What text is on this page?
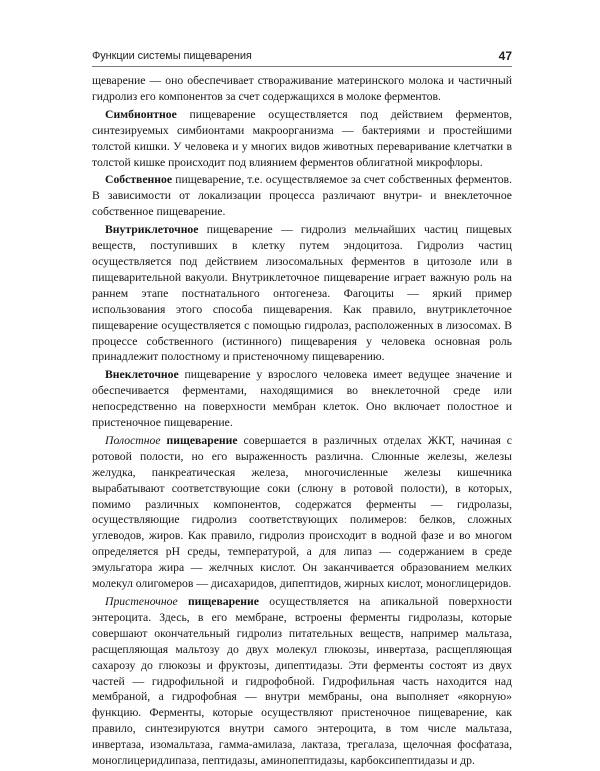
Функции системы пищеварения	47

щеварение — оно обеспечивает створаживание материнского молока и частичный гидролиз его компонентов за счет содержащихся в молоке ферментов.

Симбионтное пищеварение осуществляется под действием ферментов, синтезируемых симбионтами макроорганизма — бактериями и простейшими толстой кишки. У человека и у многих видов животных переваривание клетчатки в толстой кишке происходит под влиянием ферментов облигатной микрофлоры.

Собственное пищеварение, т.е. осуществляемое за счет собственных ферментов. В зависимости от локализации процесса различают внутри- и внеклеточное собственное пищеварение.

Внутриклеточное пищеварение — гидролиз мельчайших частиц пищевых веществ, поступивших в клетку путем эндоцитоза. Гидролиз частиц осуществляется под действием лизосомальных ферментов в цитозоле или в пищеварительной вакуоли. Внутриклеточное пищеварение играет важную роль на раннем этапе постнатального онтогенеза. Фагоциты — яркий пример использования этого способа пищеварения. Как правило, внутриклеточное пищеварение осуществляется с помощью гидролаз, расположенных в лизосомах. В процессе собственного (истинного) пищеварения у человека основная роль принадлежит полостному и пристеночному пищеварению.

Внеклеточное пищеварение у взрослого человека имеет ведущее значение и обеспечивается ферментами, находящимися во внеклеточной среде или непосредственно на поверхности мембран клеток. Оно включает полостное и пристеночное пищеварение.

Полостное пищеварение совершается в различных отделах ЖКТ, начиная с ротовой полости, но его выраженность различна. Слюнные железы, железы желудка, панкреатическая железа, многочисленные железы кишечника вырабатывают соответствующие соки (слюну в ротовой полости), в которых, помимо различных компонентов, содержатся ферменты — гидролазы, осуществляющие гидролиз соответствующих полимеров: белков, сложных углеводов, жиров. Как правило, гидролиз происходит в водной фазе и во многом определяется pH среды, температурой, а для липаз — содержанием в среде эмульгатора жира — желчных кислот. Он заканчивается образованием мелких молекул олигомеров — дисахаридов, дипептидов, жирных кислот, моноглицеридов.

Пристеночное пищеварение осуществляется на апикальной поверхности энтероцита. Здесь, в его мембране, встроены ферменты гидролазы, которые совершают окончательный гидролиз питательных веществ, например мальтаза, расщепляющая мальтозу до двух молекул глюкозы, инвертаза, расщепляющая сахарозу до глюкозы и фруктозы, дипептидазы. Эти ферменты состоят из двух частей — гидрофильной и гидрофобной. Гидрофильная часть находится над мембраной, а гидрофобная — внутри мембраны, она выполняет «якорную» функцию. Ферменты, которые осуществляют пристеночное пищеварение, как правило, синтезируются внутри самого энтероцита, в том числе мальтаза, инвертаза, изомальтаза, гамма-амилаза, лактаза, трегалаза, щелочная фосфатаза, моноглицеридлипаза, пептидазы, аминопептидазы, карбоксипептидазы и др.
